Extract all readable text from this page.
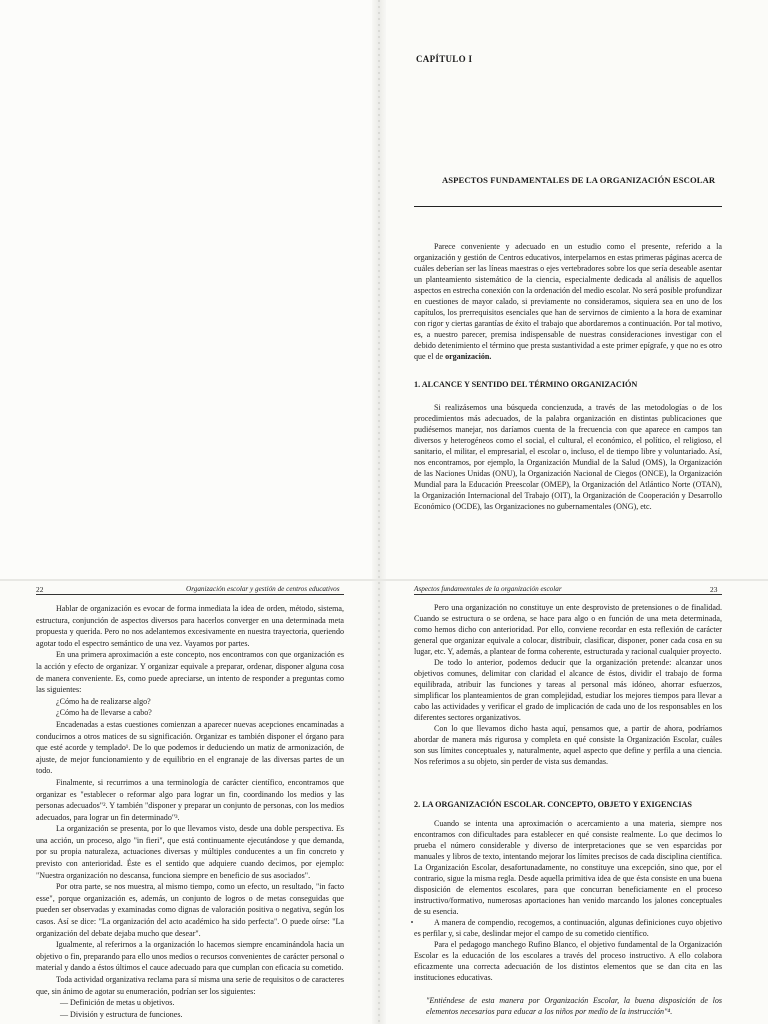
CAPÍTULO I
ASPECTOS FUNDAMENTALES DE LA ORGANIZACIÓN ESCOLAR

Parece conveniente y adecuado en un estudio como el presente, referido a la organización y gestión de Centros educativos, interpelarnos en estas primeras páginas acerca de cuáles deberían ser las líneas maestras o ejes vertebradores sobre los que sería deseable asentar un planteamiento sistemático de la ciencia, especialmente dedicada al análisis de aquellos aspectos en estrecha conexión con la ordenación del medio escolar. No será posible profundizar en cuestiones de mayor calado, si previamente no consideramos, siquiera sea en uno de los capítulos, los prerrequisitos esenciales que han de servirnos de cimiento a la hora de examinar con rigor y ciertas garantías de éxito el trabajo que abordaremos a continuación. Por tal motivo, es, a nuestro parecer, premisa indispensable de nuestras consideraciones investigar con el debido detenimiento el término que presta sustantividad a este primer epígrafe, y que no es otro que el de organización.

1. ALCANCE Y SENTIDO DEL TÉRMINO ORGANIZACIÓN

Si realizásemos una búsqueda concienzuda, a través de las metodologías o de los procedimientos más adecuados, de la palabra organización en distintas publicaciones que pudiésemos manejar, nos daríamos cuenta de la frecuencia con que aparece en campos tan diversos y heterogéneos como el social, el cultural, el económico, el político, el religioso, el sanitario, el militar, el empresarial, el escolar o, incluso, el de tiempo libre y voluntariado. Así, nos encontramos, por ejemplo, la Organización Mundial de la Salud (OMS), la Organización de las Naciones Unidas (ONU), la Organización Nacional de Ciegos (ONCE), la Organización Mundial para la Educación Preescolar (OMEP), la Organización del Atlántico Norte (OTAN), la Organización Internacional del Trabajo (OIT), la Organización de Cooperación y Desarrollo Económico (OCDE), las Organizaciones no gubernamentales (ONG), etc.

22	Organización escolar y gestión de centros educativos

Hablar de organización es evocar de forma inmediata la idea de orden, método, sistema, estructura, conjunción de aspectos diversos para hacerlos converger en una determinada meta propuesta y querida. Pero no nos adelantemos excesivamente en nuestra trayectoria, queriendo agotar todo el espectro semántico de una vez. Vayamos por partes.

En una primera aproximación a este concepto, nos encontramos con que organización es la acción y efecto de organizar. Y organizar equivale a preparar, ordenar, disponer alguna cosa de manera conveniente. Es, como puede apreciarse, un intento de responder a preguntas como las siguientes:

¿Cómo ha de realizarse algo?

¿Cómo ha de llevarse a cabo?

Encadenadas a estas cuestiones comienzan a aparecer nuevas acepciones encaminadas a conducirnos a otros matices de su significación. Organizar es también disponer el órgano para que esté acorde y templado¹. De lo que podemos ir deduciendo un matiz de armonización, de ajuste, de mejor funcionamiento y de equilibrio en el engranaje de las diversas partes de un todo.

Finalmente, si recurrimos a una terminología de carácter científico, encontramos que organizar es "establecer o reformar algo para lograr un fin, coordinando los medios y las personas adecuados"². Y también "disponer y preparar un conjunto de personas, con los medios adecuados, para lograr un fin determinado"³.

La organización se presenta, por lo que llevamos visto, desde una doble perspectiva. Es una acción, un proceso, algo "in fieri", que está continuamente ejecutándose y que demanda, por su propia naturaleza, actuaciones diversas y múltiples conducentes a un fin concreto y previsto con anterioridad. Éste es el sentido que adquiere cuando decimos, por ejemplo: "Nuestra organización no descansa, funciona siempre en beneficio de sus asociados".

Por otra parte, se nos muestra, al mismo tiempo, como un efecto, un resultado, "in facto esse", porque organización es, además, un conjunto de logros o de metas conseguidas que pueden ser observadas y examinadas como dignas de valoración positiva o negativa, según los casos. Así se dice: "La organización del acto académico ha sido perfecta". O puede oírse: "La organización del debate dejaba mucho que desear".

Igualmente, al referirnos a la organización lo hacemos siempre encaminándola hacia un objetivo o fin, preparando para ello unos medios o recursos convenientes de carácter personal o material y dando a éstos últimos el cauce adecuado para que cumplan con eficacia su cometido.

Toda actividad organizativa reclama para sí misma una serie de requisitos o de caracteres que, sin ánimo de agotar su enumeración, podrían ser los siguientes:

— Definición de metas u objetivos.
— División y estructura de funciones.
Aspectos fundamentales de la organización escolar	23

Pero una organización no constituye un ente desprovisto de pretensiones o de finalidad. Cuando se estructura o se ordena, se hace para algo o en función de una meta determinada, como hemos dicho con anterioridad. Por ello, conviene recordar en esta reflexión de carácter general que organizar equivale a colocar, distribuir, clasificar, disponer, poner cada cosa en su lugar, etc. Y, además, a plantear de forma coherente, estructurada y racional cualquier proyecto.

De todo lo anterior, podemos deducir que la organización pretende: alcanzar unos objetivos comunes, delimitar con claridad el alcance de éstos, dividir el trabajo de forma equilibrada, atribuir las funciones y tareas al personal más idóneo, ahorrar esfuerzos, simplificar los planteamientos de gran complejidad, estudiar los mejores tiempos para llevar a cabo las actividades y verificar el grado de implicación de cada uno de los responsables en los diferentes sectores organizativos.

Con lo que llevamos dicho hasta aquí, pensamos que, a partir de ahora, podríamos abordar de manera más rigurosa y completa en qué consiste la Organización Escolar, cuáles son sus límites conceptuales y, naturalmente, aquel aspecto que define y perfila a una ciencia. Nos referimos a su objeto, sin perder de vista sus demandas.

2. LA ORGANIZACIÓN ESCOLAR. CONCEPTO, OBJETO Y EXIGENCIAS

Cuando se intenta una aproximación o acercamiento a una materia, siempre nos encontramos con dificultades para establecer en qué consiste realmente. Lo que decimos lo prueba el número considerable y diverso de interpretaciones que se ven esparcidas por manuales y libros de texto, intentando mejorar los límites precisos de cada disciplina científica. La Organización Escolar, desafortunadamente, no constituye una excepción, sino que, por el contrario, sigue la misma regla. Desde aquella primitiva idea de que ésta consiste en una buena disposición de elementos escolares, para que concurran beneficiamente en el proceso instructivo/formativo, numerosas aportaciones han venido marcando los jalones conceptuales de su esencia.

A manera de compendio, recogemos, a continuación, algunas definiciones cuyo objetivo es perfilar y, si cabe, deslindar mejor el campo de su cometido científico.

Para el pedagogo manchego Rufino Blanco, el objetivo fundamental de la Organización Escolar es la educación de los escolares a través del proceso instructivo. A ello colabora eficazmente una correcta adecuación de los distintos elementos que se dan cita en las instituciones educativas.

"Entiéndese de esta manera por Organización Escolar, la buena disposición de los elementos necesarios para educar a los niños por medio de la instrucción"⁴.
